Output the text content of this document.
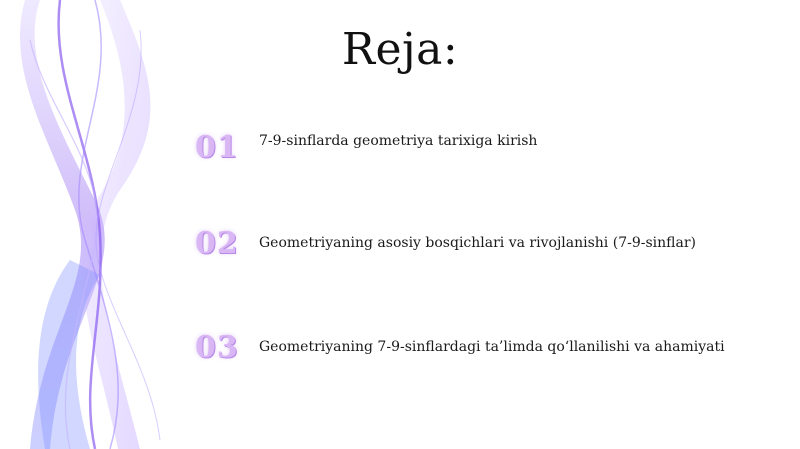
Reja:
01	7-9-sinflarda geometriya tarixiga kirish
02	Geometriyaning asosiy bosqichlari va rivojlanishi (7-9-sinflar)
03	Geometriyaning 7-9-sinflardagi ta’limda qo‘llanilishi va ahamiyati
